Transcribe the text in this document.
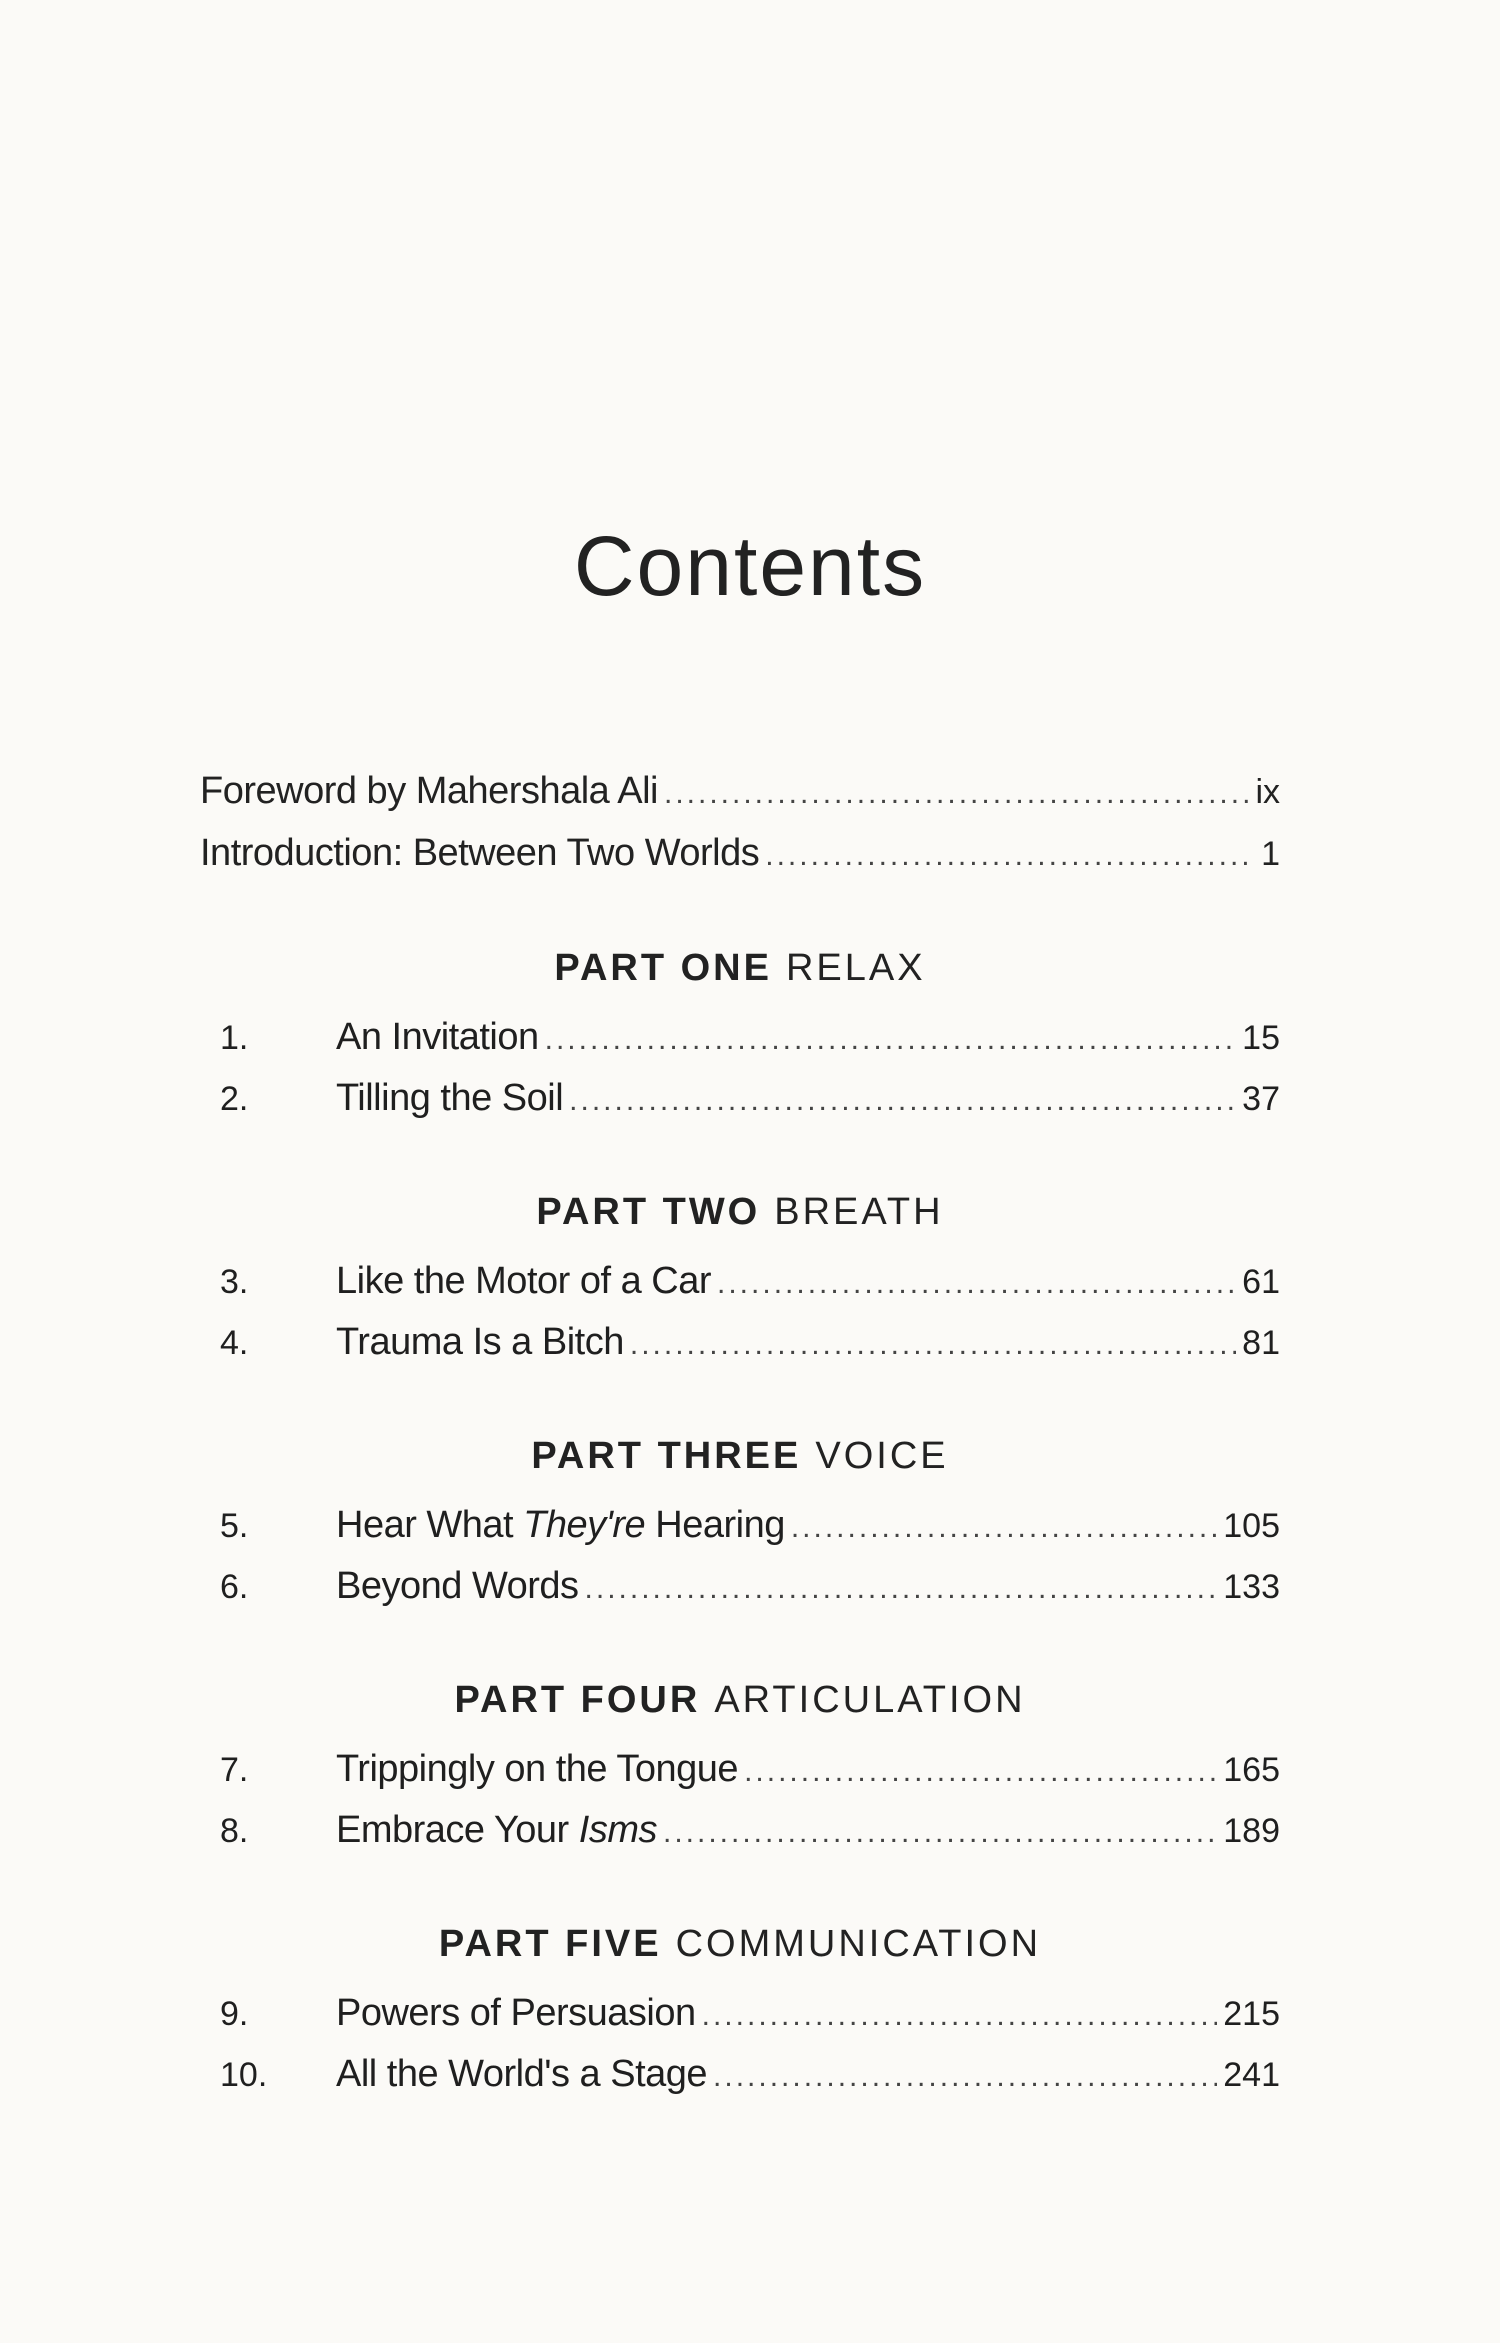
Contents
Foreword by Mahershala Ali .....	ix
Introduction: Between Two Worlds .....	1
PART ONE RELAX
1.	An Invitation .....	15
2.	Tilling the Soil .....	37
PART TWO BREATH
3.	Like the Motor of a Car .....	61
4.	Trauma Is a Bitch .....	81
PART THREE VOICE
5.	Hear What They're Hearing .....	105
6.	Beyond Words .....	133
PART FOUR ARTICULATION
7.	Trippingly on the Tongue .....	165
8.	Embrace Your Isms .....	189
PART FIVE COMMUNICATION
9.	Powers of Persuasion .....	215
10.	All the World's a Stage .....	241
